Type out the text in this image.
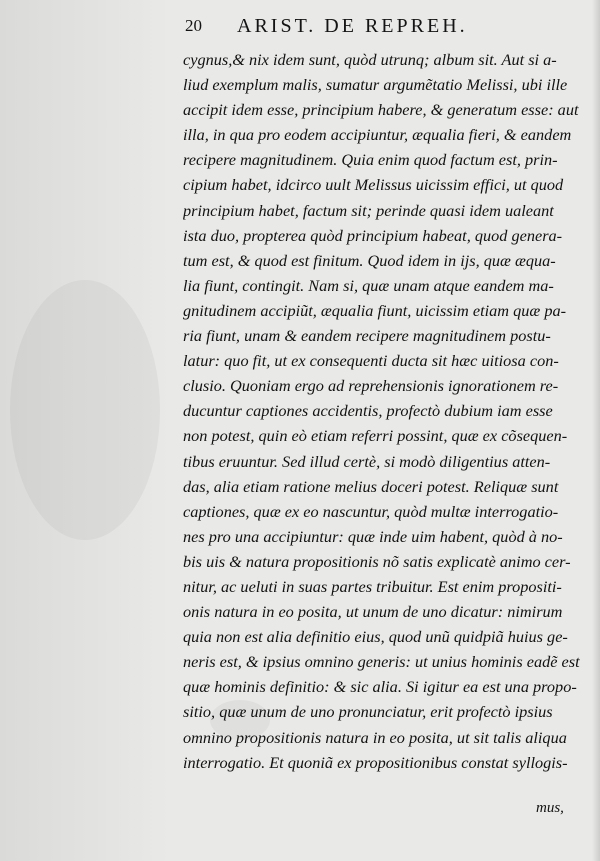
20 ARIST. DE REPREH.
cygnus,& nix idem sunt, quòd utrunq; album sit. Aut si a-
liud exemplum malis, sumatur argumẽtatio Melissi, ubi ille
accipit idem esse, principium habere, & generatum esse: aut
illa, in qua pro eodem accipiuntur, æqualia fieri, & eandem
recipere magnitudinem. Quia enim quod factum est, prin-
cipium habet, idcirco uult Melissus uicissim effici, ut quod
principium habet, factum sit; perinde quasi idem ualeant
ista duo, propterea quòd principium habeat, quod genera-
tum est, & quod est finitum. Quod idem in ijs, quæ æqua-
lia fiunt, contingit. Nam si, quæ unam atque eandem ma-
gnitudinem accipiũt, æqualia fiunt, uicissim etiam quæ pa-
ria fiunt, unam & eandem recipere magnitudinem postu-
latur: quo fit, ut ex consequenti ducta sit hæc uitiosa con-
clusio. Quoniam ergo ad reprehensionis ignorationem re-
ducuntur captiones accidentis, profectò dubium iam esse
non potest, quin eò etiam referri possint, quæ ex cõsequen-
tibus eruuntur. Sed illud certè, si modò diligentius atten-
das, alia etiam ratione melius doceri potest. Reliquæ sunt
captiones, quæ ex eo nascuntur, quòd multæ interrogatio-
nes pro una accipiuntur: quæ inde uim habent, quòd à no-
bis uis & natura propositionis nõ satis explicatè animo cer-
nitur, ac ueluti in suas partes tribuitur. Est enim propositi-
onis natura in eo posita, ut unum de uno dicatur: nimirum
quia non est alia definitio eius, quod unũ quidpiã huius ge-
neris est, & ipsius omnino generis: ut unius hominis eadẽ est
quæ hominis definitio: & sic alia. Si igitur ea est una propo-
sitio, quæ unum de uno pronunciatur, erit profectò ipsius
omnino propositionis natura in eo posita, ut sit talis aliqua
interrogatio. Et quoniã ex propositionibus constat syllogis-
mus,
